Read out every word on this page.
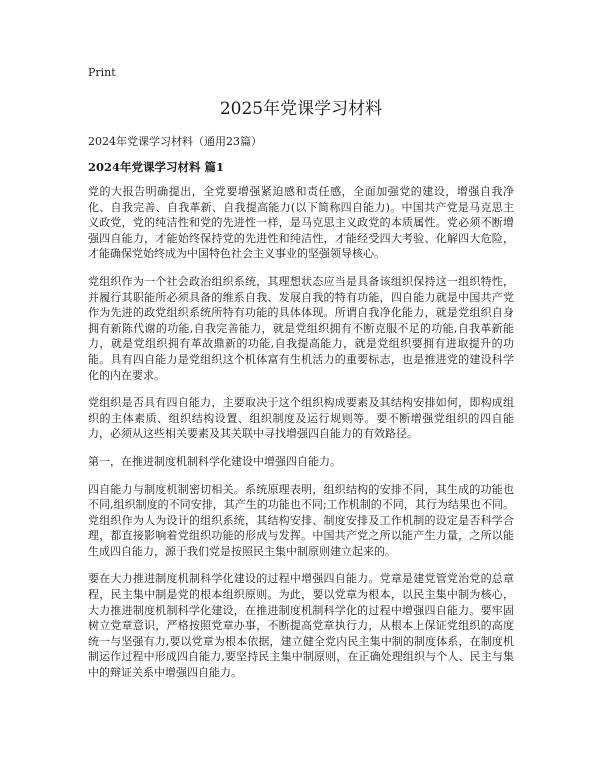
Print
2025年党课学习材料
2024年党课学习材料（通用23篇）
2024年党课学习材料 篇1

党的大报告明确提出，全党要增强紧迫感和责任感，全面加强党的建设，增强自我净化、自我完善、自我革新、自我提高能力(以下简称四自能力)。中国共产党是马克思主义政党，党的纯洁性和党的先进性一样，是马克思主义政党的本质属性。党必须不断增强四自能力，才能始终保持党的先进性和纯洁性，才能经受四大考验、化解四大危险，才能确保党始终成为中国特色社会主义事业的坚强领导核心。

党组织作为一个社会政治组织系统，其理想状态应当是具备该组织保持这一组织特性，并履行其职能所必须具备的维系自我、发展自我的特有功能，四自能力就是中国共产党作为先进的政党组织系统所特有功能的具体体现。所谓自我净化能力，就是党组织自身拥有新陈代谢的功能,自我完善能力，就是党组织拥有不断克服不足的功能,自我革新能力，就是党组织拥有革故鼎新的功能,自我提高能力，就是党组织要拥有进取提升的功能。具有四自能力是党组织这个机体富有生机活力的重要标志，也是推进党的建设科学化的内在要求。

党组织是否具有四自能力，主要取决于这个组织构成要素及其结构安排如何，即构成组织的主体素质、组织结构设置、组织制度及运行规则等。要不断增强党组织的四自能力，必须从这些相关要素及其关联中寻找增强四自能力的有效路径。

第一，在推进制度机制科学化建设中增强四自能力。

四自能力与制度机制密切相关。系统原理表明，组织结构的安排不同，其生成的功能也不同,组织制度的不同安排，其产生的功能也不同;工作机制的不同，其行为结果也不同。党组织作为人为设计的组织系统，其结构安排、制度安排及工作机制的设定是否科学合理，都直接影响着党组织功能的形成与发挥。中国共产党之所以能产生力量，之所以能生成四自能力，源于我们党是按照民主集中制原则建立起来的。

要在大力推进制度机制科学化建设的过程中增强四自能力。党章是建党管党治党的总章程，民主集中制是党的根本组织原则。为此，要以党章为根本，以民主集中制为核心，大力推进制度机制科学化建设，在推进制度机制科学化的过程中增强四自能力。要牢固树立党章意识，严格按照党章办事，不断提高党章执行力，从根本上保证党组织的高度统一与坚强有力,要以党章为根本依据，建立健全党内民主集中制的制度体系，在制度机制运作过程中形成四自能力,要坚持民主集中制原则，在正确处理组织与个人、民主与集中的辩证关系中增强四自能力。
